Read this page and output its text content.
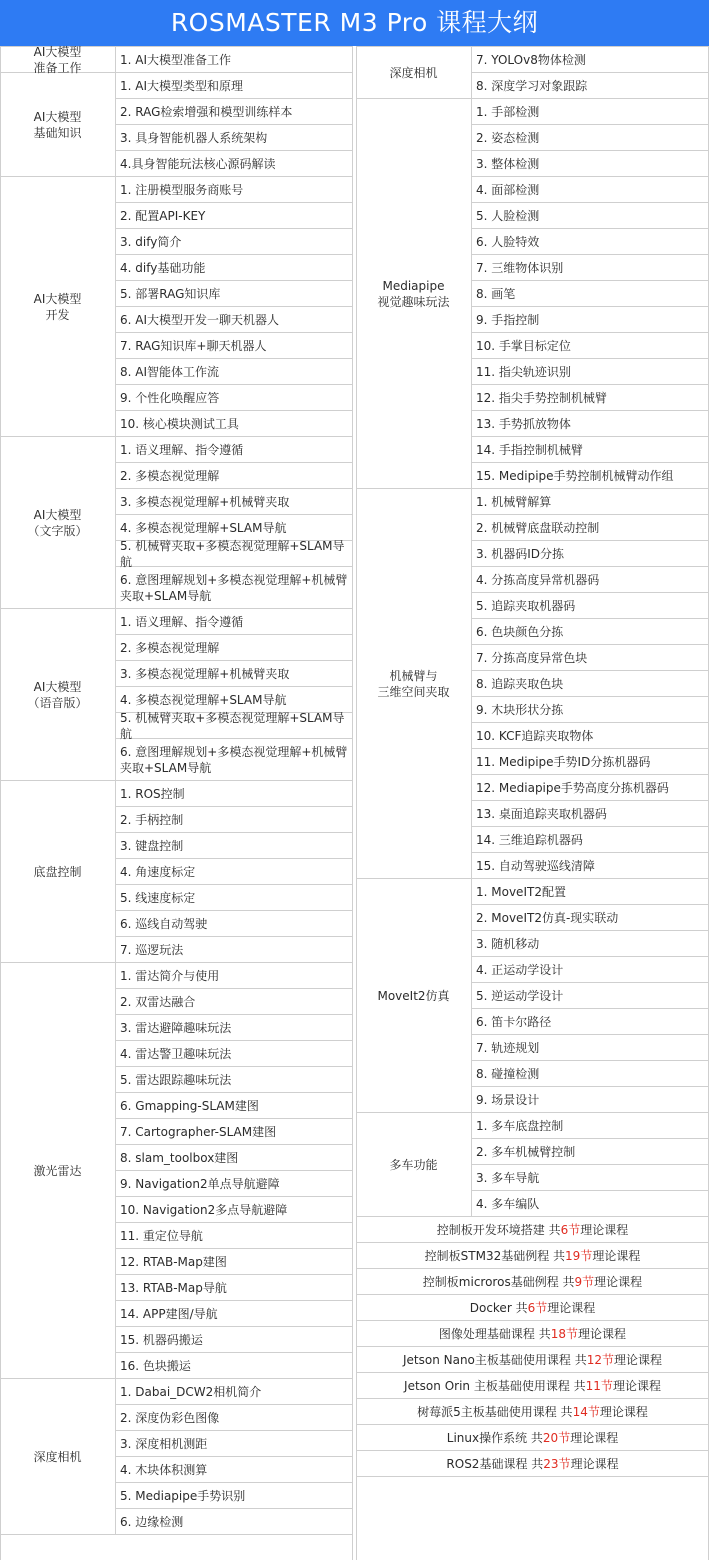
ROSMASTER M3 Pro 课程大纲
1. AI大模型准备工作
AI大模型
准备工作
1. AI大模型类型和原理
2. RAG检索增强和模型训练样本
3. 具身智能机器人系统架构
4.具身智能玩法核心源码解读
AI大模型
基础知识
1. 注册模型服务商账号
2. 配置API-KEY
3. dify简介
4. dify基础功能
5. 部署RAG知识库
6. AI大模型开发一聊天机器人
7. RAG知识库+聊天机器人
8. AI智能体工作流
9. 个性化唤醒应答
10. 核心模块测试工具
AI大模型
开发
1. 语义理解、指令遵循
2. 多模态视觉理解
3. 多模态视觉理解+机械臂夹取
4. 多模态视觉理解+SLAM导航
5. 机械臂夹取+多模态视觉理解+SLAM导航
6. 意图理解规划+多模态视觉理解+机械臂夹取+SLAM导航
AI大模型
（文字版）
1. 语义理解、指令遵循
2. 多模态视觉理解
3. 多模态视觉理解+机械臂夹取
4. 多模态视觉理解+SLAM导航
5. 机械臂夹取+多模态视觉理解+SLAM导航
6. 意图理解规划+多模态视觉理解+机械臂夹取+SLAM导航
AI大模型
（语音版）
1. ROS控制
2. 手柄控制
3. 键盘控制
4. 角速度标定
5. 线速度标定
6. 巡线自动驾驶
7. 巡逻玩法
底盘控制
1. 雷达简介与使用
2. 双雷达融合
3. 雷达避障趣味玩法
4. 雷达警卫趣味玩法
5. 雷达跟踪趣味玩法
6. Gmapping-SLAM建图
7. Cartographer-SLAM建图
8. slam_toolbox建图
9. Navigation2单点导航避障
10. Navigation2多点导航避障
11. 重定位导航
12. RTAB-Map建图
13. RTAB-Map导航
14. APP建图/导航
15. 机器码搬运
16. 色块搬运
激光雷达
1. Dabai_DCW2相机简介
2. 深度伪彩色图像
3. 深度相机测距
4. 木块体积测算
5. Mediapipe手势识别
6. 边缘检测
深度相机
7. YOLOv8物体检测
8. 深度学习对象跟踪
深度相机
1. 手部检测
2. 姿态检测
3. 整体检测
4. 面部检测
5. 人脸检测
6. 人脸特效
7. 三维物体识别
8. 画笔
9. 手指控制
10. 手掌目标定位
11. 指尖轨迹识别
12. 指尖手势控制机械臂
13. 手势抓放物体
14. 手指控制机械臂
15. Medipipe手势控制机械臂动作组
Mediapipe
视觉趣味玩法
1. 机械臂解算
2. 机械臂底盘联动控制
3. 机器码ID分拣
4. 分拣高度异常机器码
5. 追踪夹取机器码
6. 色块颜色分拣
7. 分拣高度异常色块
8. 追踪夹取色块
9. 木块形状分拣
10. KCF追踪夹取物体
11. Medipipe手势ID分拣机器码
12. Mediapipe手势高度分拣机器码
13. 桌面追踪夹取机器码
14. 三维追踪机器码
15. 自动驾驶巡线清障
机械臂与
三维空间夹取
1. MoveIT2配置
2. MoveIT2仿真-现实联动
3. 随机移动
4. 正运动学设计
5. 逆运动学设计
6. 笛卡尔路径
7. 轨迹规划
8. 碰撞检测
9. 场景设计
MoveIt2仿真
1. 多车底盘控制
2. 多车机械臂控制
3. 多车导航
4. 多车编队
多车功能
控制板开发环境搭建 共 6 节 理论课程
控制板STM32基础例程 共 19 节 理论课程
控制板microros基础例程 共 9 节 理论课程
Docker 共 6 节 理论课程
图像处理基础课程 共 18 节 理论课程
Jetson Nano主板基础使用课程 共 12 节 理论课程
Jetson Orin 主板基础使用课程 共 11 节 理论课程
树莓派5主板基础使用课程 共 14 节 理论课程
Linux操作系统 共 20 节 理论课程
ROS2基础课程 共 23 节 理论课程
